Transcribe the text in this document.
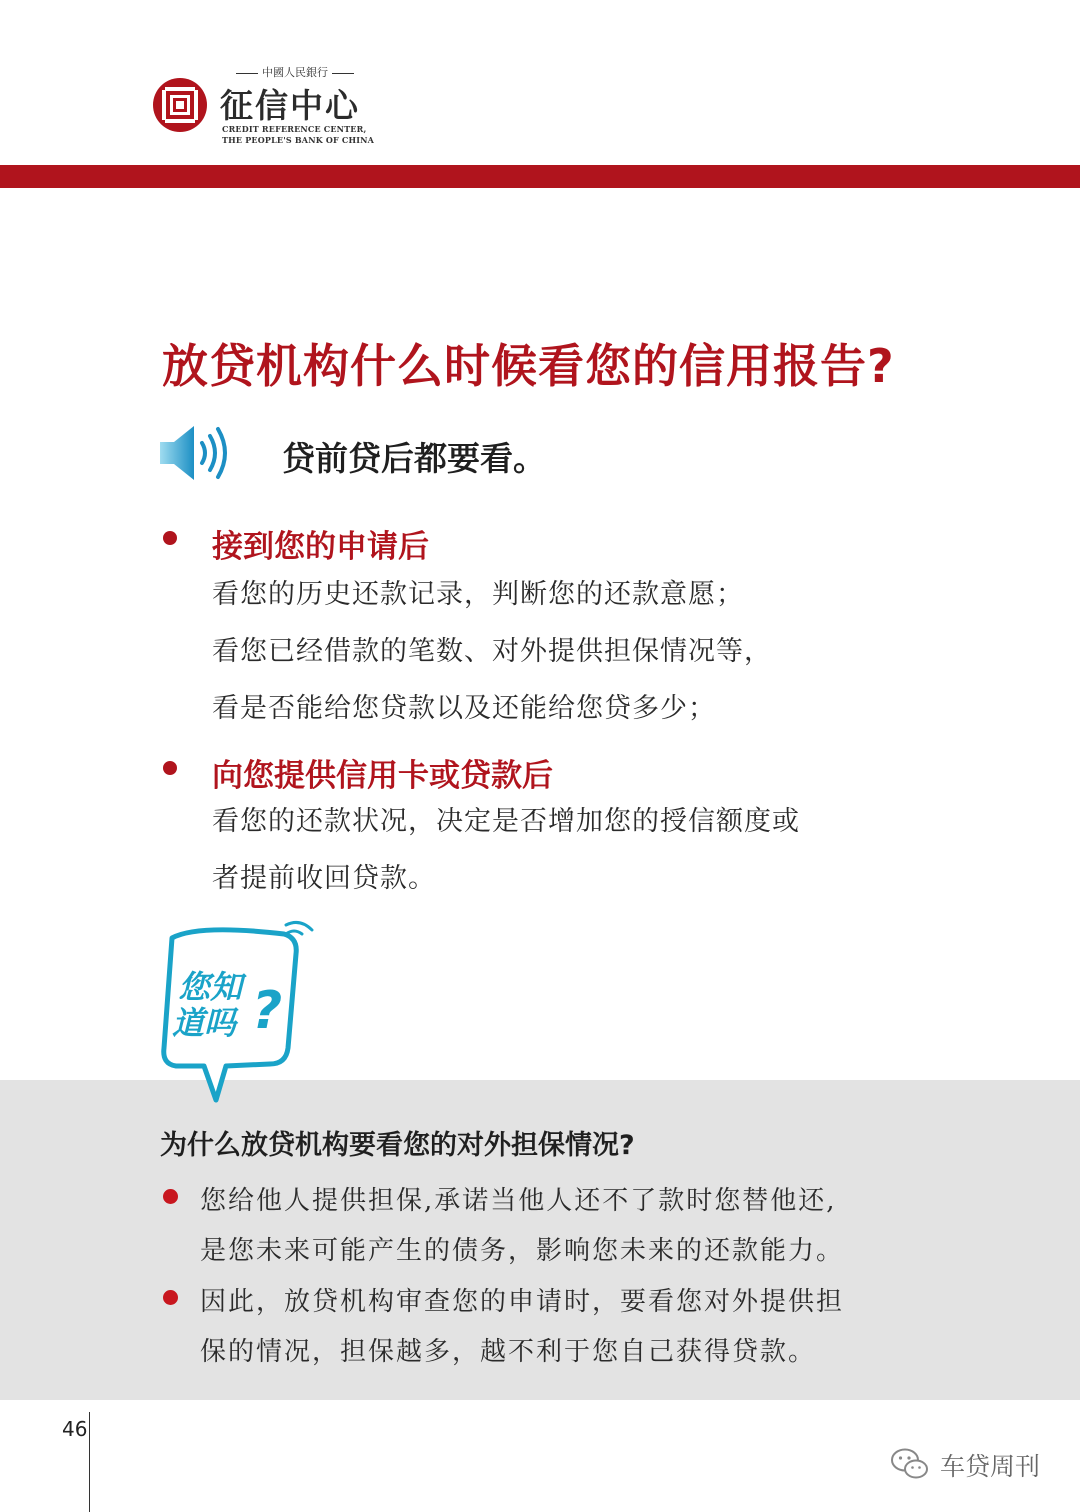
中國人民銀行
征信中心
CREDIT REFERENCE CENTER,
THE PEOPLE'S BANK OF CHINA
放贷机构什么时候看您的信用报告?
贷前贷后都要看。
接到您的申请后
看您的历史还款记录，判断您的还款意愿；
看您已经借款的笔数、对外提供担保情况等，
看是否能给您贷款以及还能给您贷多少；
向您提供信用卡或贷款后
看您的还款状况，决定是否增加您的授信额度或
者提前收回贷款。
您知
道吗 ?
为什么放贷机构要看您的对外担保情况?
您给他人提供担保,承诺当他人还不了款时您替他还,
是您未来可能产生的债务，影响您未来的还款能力。
因此，放贷机构审查您的申请时，要看您对外提供担
保的情况，担保越多，越不利于您自己获得贷款。
46
车贷周刊
